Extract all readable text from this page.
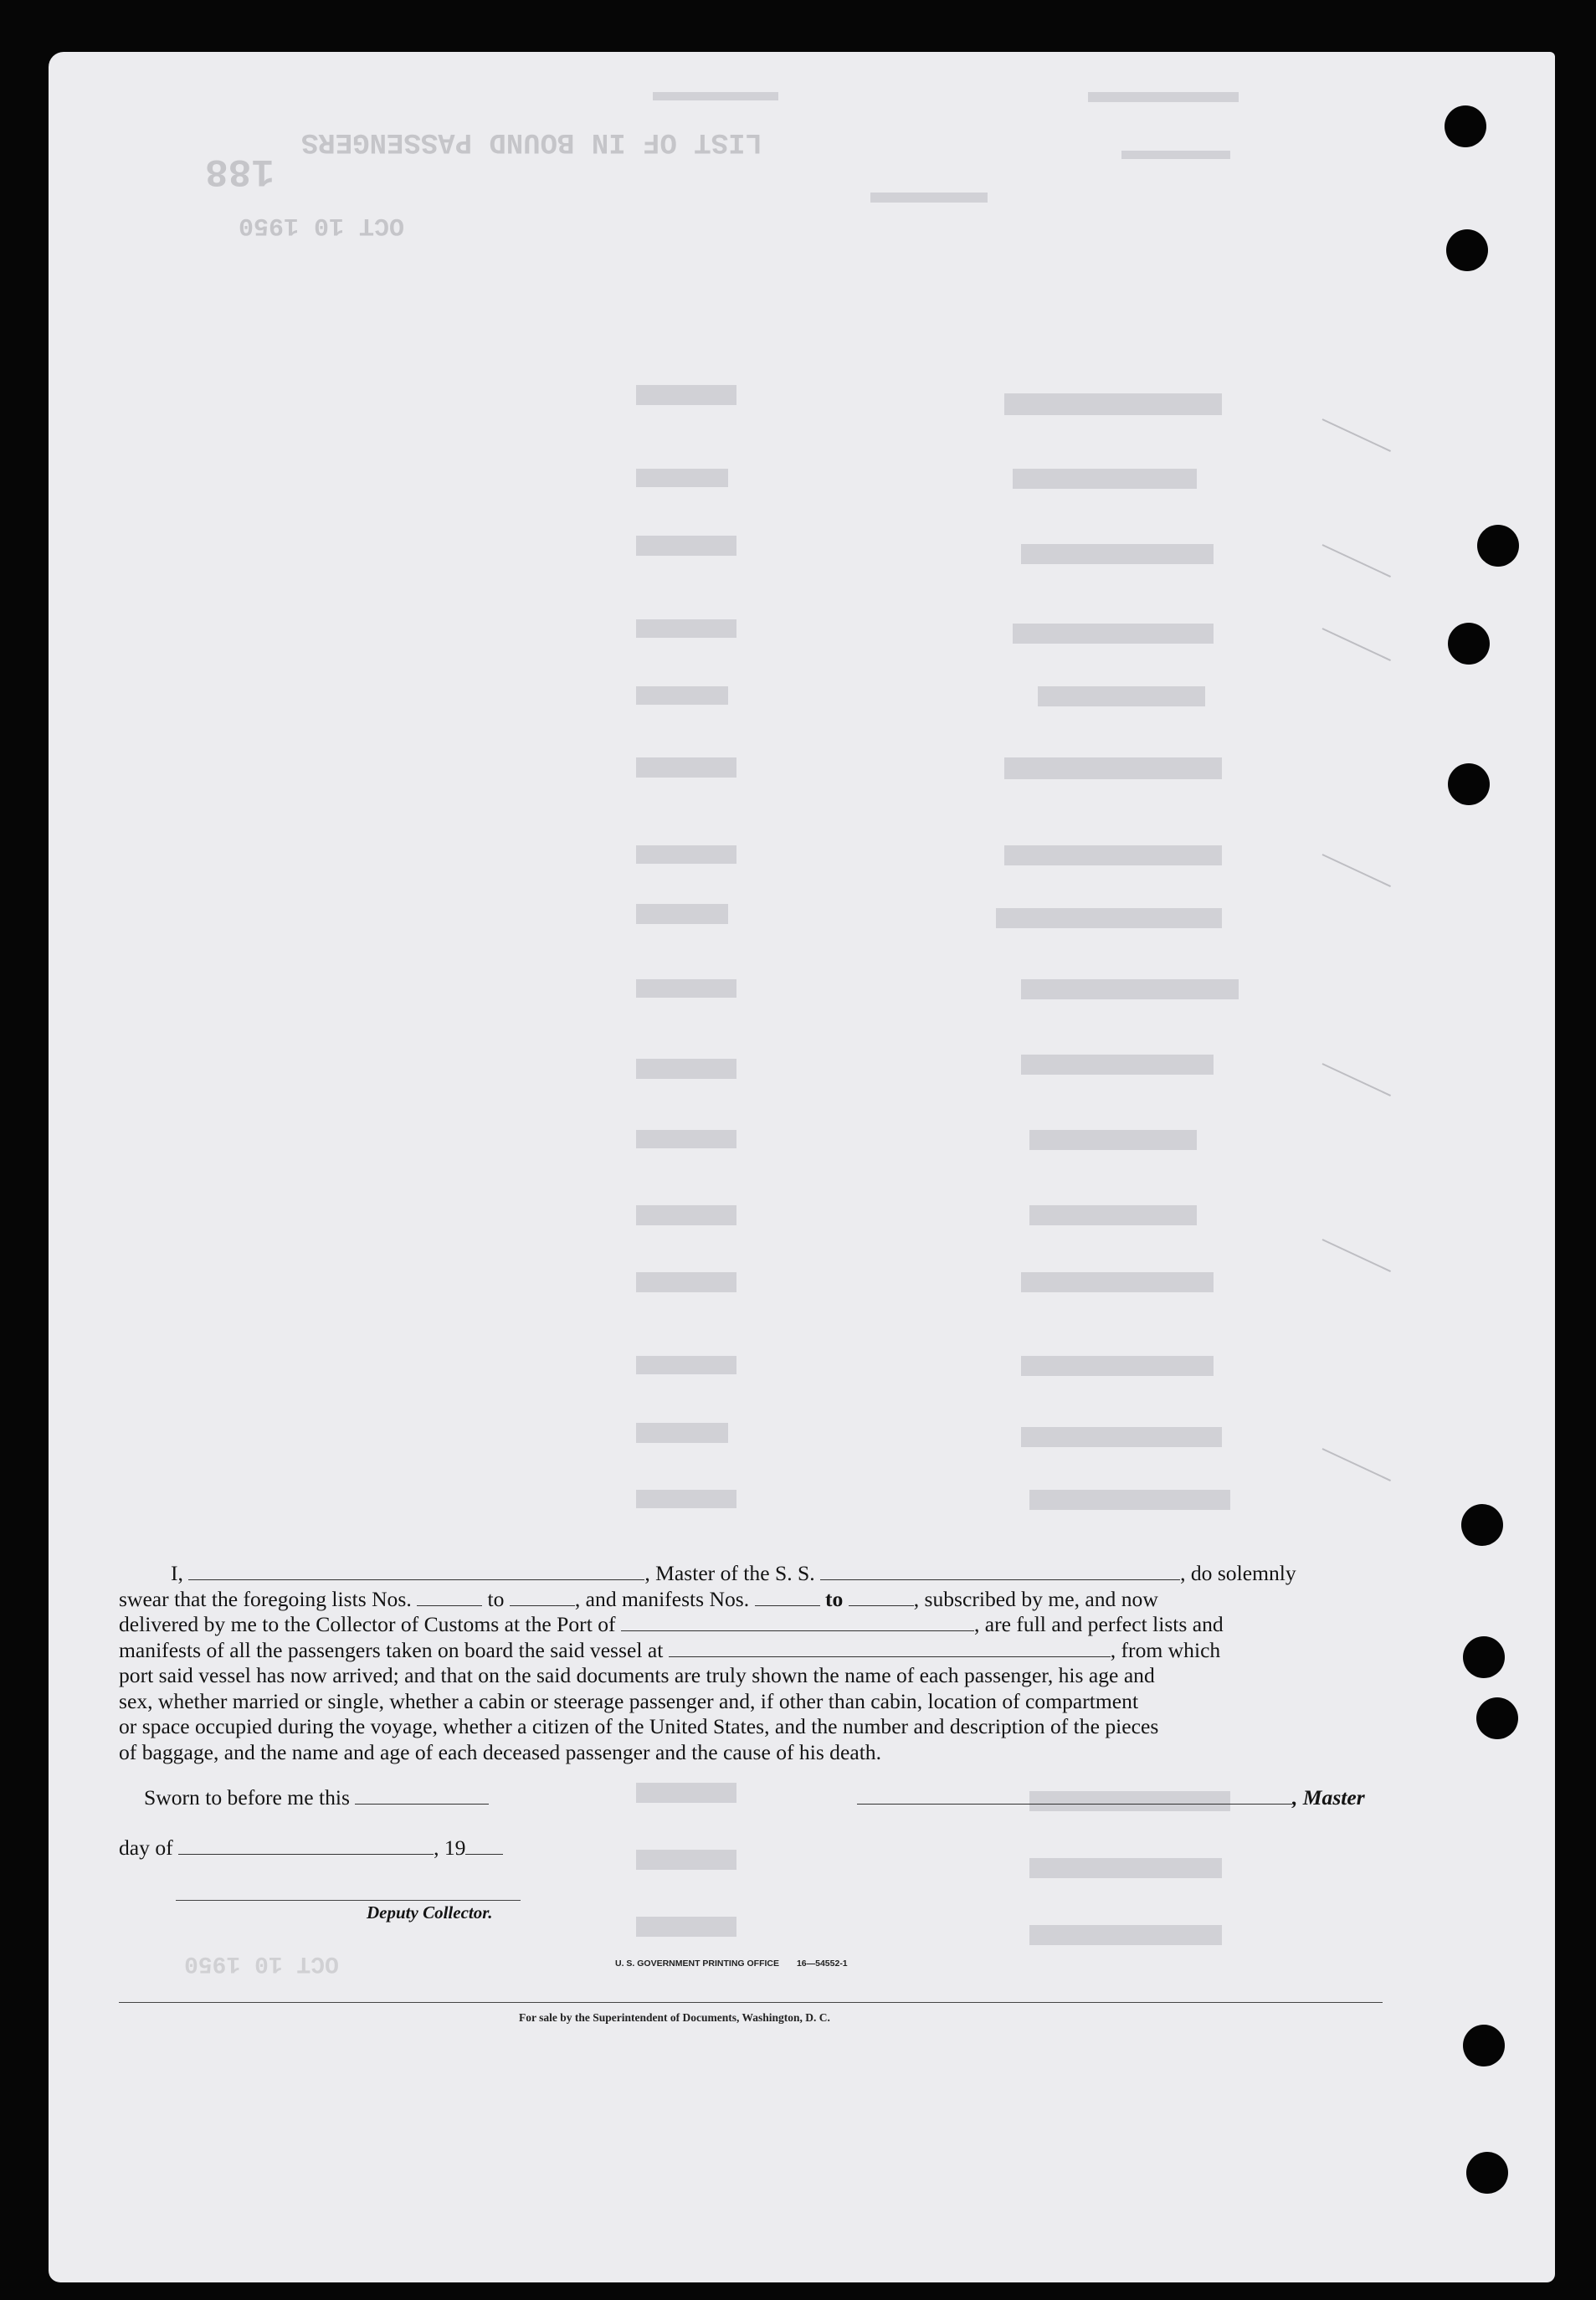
LIST OF IN BOUND PASSENGERS
188
OCT 10 1950
I,	, Master of the S. S.	, do solemnly
swear that the foregoing lists Nos.	to	, and manifests Nos.	to	, subscribed by me, and now
delivered by me to the Collector of Customs at the Port of	, are full and perfect lists and
manifests of all the passengers taken on board the said vessel at	, from which
port said vessel has now arrived; and that on the said documents are truly shown the name of each passenger, his age and
sex, whether married or single, whether a cabin or steerage passenger and, if other than cabin, location of compartment
or space occupied during the voyage, whether a citizen of the United States, and the number and description of the pieces
of baggage, and the name and age of each deceased passenger and the cause of his death.
Sworn to before me this	, Master
day of	, 19
Deputy Collector.
U. S. GOVERNMENT PRINTING OFFICE 16—54552-1
For sale by the Superintendent of Documents, Washington, D. C.
